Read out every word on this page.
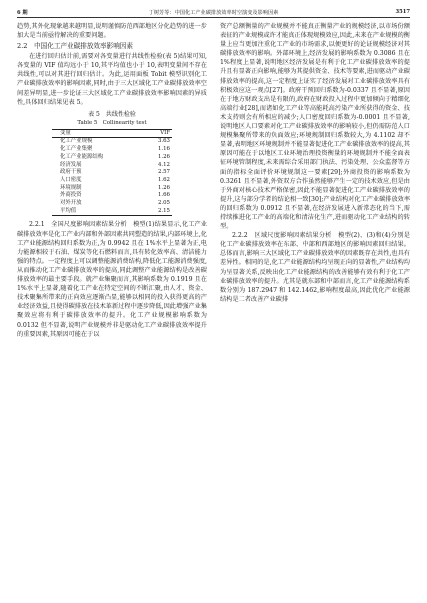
6 期	丁树芳等：中国化工产业碳排放效率时空演变及影响因素	3517

趋势,其外化现象越来越明显,说明谨慎防范西部地区分化趋势的进一步加大是当前亟待解决的重要问题。

2.2　中国化工产业碳排放效率影响因素

在进行回归估计前,需要对各变量进行共线性检验(表 5)结果可知,各变量的 VIF 值均远小于 10,其平均值也小于 10,表明变量间不存在共线性,可以对其进行回归估计。为此,运用面板 Tobit 模型识别化工产业碳排放效率的影响因素,同时,由于三大区域化工产业碳排放效率空间差异明显,进一步论证三大区域化工产业碳排放效率影响因素的异质性,具体回归结果见表 5。

表 5　共线性检验
Table 5　Collinearity test
变量	VIF
化工产业规模	3.63
化工产业集聚	1.16
化工产业能源结构	1.26
经济发展	4.12
政府干预	2.57
人口密度	1.62
环境规制	1.26
外商投资	1.66
对外开放	2.05
平均值	2.15

2.2.1　全国尺度影响因素结果分析　模型(1)结果显示,化工产业碳排放效率是化工产业内部和外部因素共同塑造的结果,内部环境上,化工产业能源结构回归系数为正,为 0.9942 且在 1%水平上显著为正,电力能源相较于石油、煤炭等化石燃料而言,具有转化效率高、清洁能力强的特点。一定程度上可以调整能源消费结构,降低化工能源消费强度,从而推动化工产业碳排放效率的提高,同此调整产业能源结构是改善碳排放效率的最主要手段。就产业集聚而言,其影响系数为 0.1919 且在 1%水平上显著,随着化工产业在特定空间的不断汇聚,由人才、资金、技术聚集所带来的正向效应逐渐凸显,能够以相同的投入获得更高的产业经济效益,且使得碳排放在技术革新过程中逐步降低,因此增强产业集聚效应将有利于碳排放效率的提升。化工产业规模影响系数为 0.0132 但不显著,说明产业规模并非是驱动化工产业碳排放效率提升的重要因素,其原因可能在于以

资产总额衡量的产业规模并不能真正衡量产业的规模经济,以市场份额表征的产业规模或许才能真正体现规模效应,因此,未来在产业规模的衡量上应当更加注重化工产业的市场需求,以便更好的论证规模经济对其碳排放效率的影响。外部环境上,经济发展的影响系数为 0.3086 且在 1%程度上显著,说明地区经济发展是有利于化工产业碳排放效率的提升且有显著正向影响,能够为其提供资金、技术等要素,进而驱动产业碳排放效率的提高,这一定程度上证实了经济发展对工业碳排放效率具有积极效应这一观点[27]。政府干预回归系数为-0.0337 且不显著,原因在于地方财政支出是有限的,政府在财政投入过程中更加倾向于精细化高端行业[28],而诸如化工产业等高能耗高污染产业所获得的资金、技术支持则会有所相应的减少;人口密度回归系数为-0.0001 且不显著,说明地区人口要素对化工产业碳排放效率的影响较小,但仍需防范人口规模集聚所带来的负面效应;环境规制回归系数较大,为 4.1102 却不显著,表明地区环境规制并不能显著促进化工产业碳排放效率的提高,其原因可能在于以地区工业环境治理投资衡量的环境规制并不能全面表征环境管制程度,未来需综合采用部门执法、污染处理、公众监督等方面的指标全面评价环境规制这一要素[29];外商投资的影响系数为 0.3261 且不显著,外资双方合作虽然能够产生一定的技术效应,但是由于外商对核心技术严格保密,因此不能显著促进化工产业碳排放效率的提升,这与部分学者的结论相一致[30];产业结构对化工产业碳排放效率的回归系数为 0.0912 且不显著,在经济发展进入新常态化的当下,需持续推进化工产业的高端化和清洁化生产,进而驱动化工产业结构的转型。

2.2.2　区域尺度影响因素结果分析　模型(2)、(3)和(4)分别是化工产业碳排放效率在东部、中部和西部地区的影响因素回归结果。总体而言,影响三大区域化工产业碳排放效率的因素既存在共性,也具有差异性。相同的是,化工产业能源结构均呈现正向的显著性,产业结构均为呈显著关系,反映出化工产业能源结构的改善能够有效有利于化工产业碳排放效率的提升。尤其是就东部和中部而言,化工产业能源结构系数分别为 187.2947 和 142.1462,影响程度最高,因此优化产业能源结构是二者改善产业碳排
